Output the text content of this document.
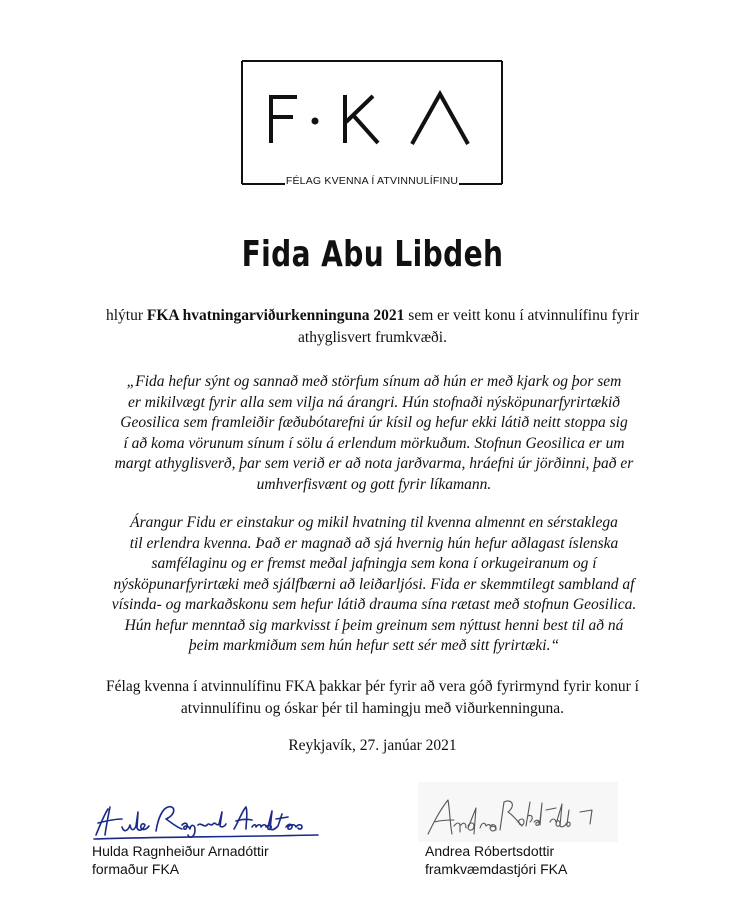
FÉLAG KVENNA Í ATVINNULÍFINU
Fida Abu Libdeh
hlýtur FKA hvatningarviðurkenninguna 2021 sem er veitt konu í atvinnulífinu fyrir athyglisvert frumkvæði.
„Fida hefur sýnt og sannað með störfum sínum að hún er með kjark og þor sem
er mikilvægt fyrir alla sem vilja ná árangri. Hún stofnaði nýsköpunarfyrirtækið
Geosilica sem framleiðir fæðubótarefni úr kísil og hefur ekki látið neitt stoppa sig
í að koma vörunum sínum í sölu á erlendum mörkuðum. Stofnun Geosilica er um
margt athyglisverð, þar sem verið er að nota jarðvarma, hráefni úr jörðinni, það er
umhverfisvænt og gott fyrir líkamann.
Árangur Fidu er einstakur og mikil hvatning til kvenna almennt en sérstaklega
til erlendra kvenna. Það er magnað að sjá hvernig hún hefur aðlagast íslenska
samfélaginu og er fremst meðal jafningja sem kona í orkugeiranum og í
nýsköpunarfyrirtæki með sjálfbærni að leiðarljósi. Fida er skemmtilegt sambland af
vísinda- og markaðskonu sem hefur látið drauma sína rætast með stofnun Geosilica.
Hún hefur menntað sig markvisst í þeim greinum sem nýttust henni best til að ná
þeim markmiðum sem hún hefur sett sér með sitt fyrirtæki.“
Félag kvenna í atvinnulífinu FKA þakkar þér fyrir að vera góð fyrirmynd fyrir konur í
atvinnulífinu og óskar þér til hamingju með viðurkenninguna.
Reykjavík, 27. janúar 2021
Hulda Ragnheiður Arnadóttir
formaður FKA
Andrea Róbertsdottir
framkvæmdastjóri FKA
